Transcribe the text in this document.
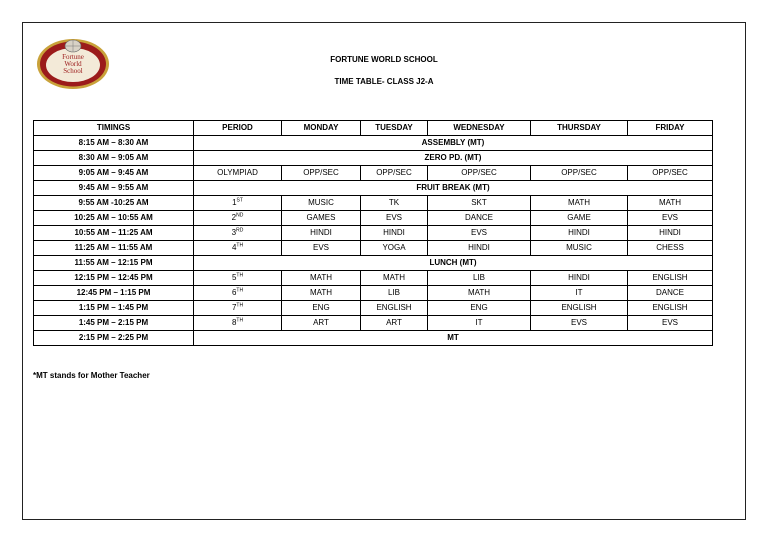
Fortune
World
School
FORTUNE WORLD SCHOOL
TIME TABLE- CLASS J2-A
TIMINGS	PERIOD	MONDAY	TUESDAY	WEDNESDAY	THURSDAY	FRIDAY
8:15 AM – 8:30 AM	ASSEMBLY (MT)					
8:30 AM – 9:05 AM	ZERO PD. (MT)					
9:05 AM – 9:45 AM	OLYMPIAD	OPP/SEC	OPP/SEC	OPP/SEC	OPP/SEC	OPP/SEC
9:45 AM – 9:55 AM	FRUIT BREAK (MT)					
9:55 AM -10:25 AM	1ST	MUSIC	TK	SKT	MATH	MATH
10:25 AM – 10:55 AM	2ND	GAMES	EVS	DANCE	GAME	EVS
10:55 AM – 11:25 AM	3RD	HINDI	HINDI	EVS	HINDI	HINDI
11:25 AM – 11:55 AM	4TH	EVS	YOGA	HINDI	MUSIC	CHESS
11:55 AM – 12:15 PM	LUNCH (MT)					
12:15 PM – 12:45 PM	5TH	MATH	MATH	LIB	HINDI	ENGLISH
12:45 PM – 1:15 PM	6TH	MATH	LIB	MATH	IT	DANCE
1:15 PM – 1:45 PM	7TH	ENG	ENGLISH	ENG	ENGLISH	ENGLISH
1:45 PM – 2:15 PM	8TH	ART	ART	IT	EVS	EVS
2:15 PM – 2:25 PM	MT					
*MT stands for Mother Teacher
